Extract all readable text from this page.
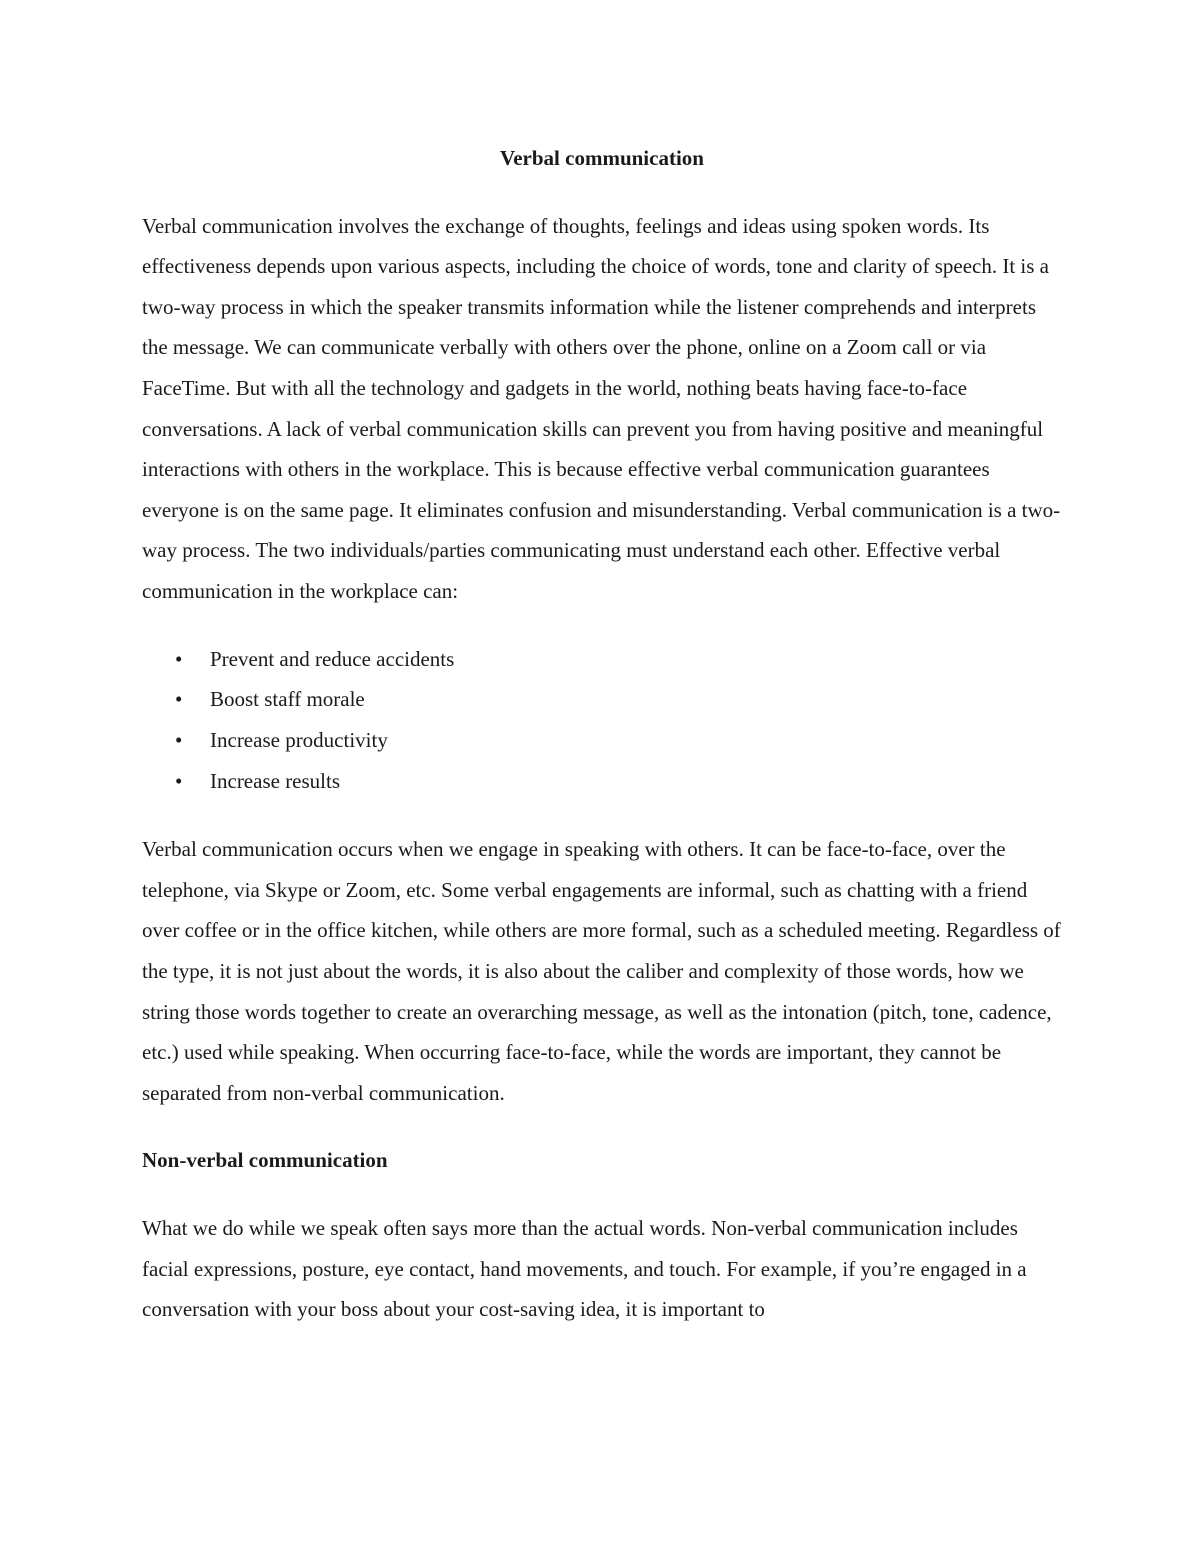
Verbal communication

Verbal communication involves the exchange of thoughts, feelings and ideas using spoken words. Its effectiveness depends upon various aspects, including the choice of words, tone and clarity of speech. It is a two-way process in which the speaker transmits information while the listener comprehends and interprets the message. We can communicate verbally with others over the phone, online on a Zoom call or via FaceTime. But with all the technology and gadgets in the world, nothing beats having face-to-face conversations. A lack of verbal communication skills can prevent you from having positive and meaningful interactions with others in the workplace. This is because effective verbal communication guarantees everyone is on the same page. It eliminates confusion and misunderstanding. Verbal communication is a two-way process. The two individuals/parties communicating must understand each other. Effective verbal communication in the workplace can:

• Prevent and reduce accidents
• Boost staff morale
• Increase productivity
• Increase results

Verbal communication occurs when we engage in speaking with others. It can be face-to-face, over the telephone, via Skype or Zoom, etc. Some verbal engagements are informal, such as chatting with a friend over coffee or in the office kitchen, while others are more formal, such as a scheduled meeting. Regardless of the type, it is not just about the words, it is also about the caliber and complexity of those words, how we string those words together to create an overarching message, as well as the intonation (pitch, tone, cadence, etc.) used while speaking. When occurring face-to-face, while the words are important, they cannot be separated from non-verbal communication.

Non-verbal communication

What we do while we speak often says more than the actual words. Non-verbal communication includes facial expressions, posture, eye contact, hand movements, and touch. For example, if you’re engaged in a conversation with your boss about your cost-saving idea, it is important to
